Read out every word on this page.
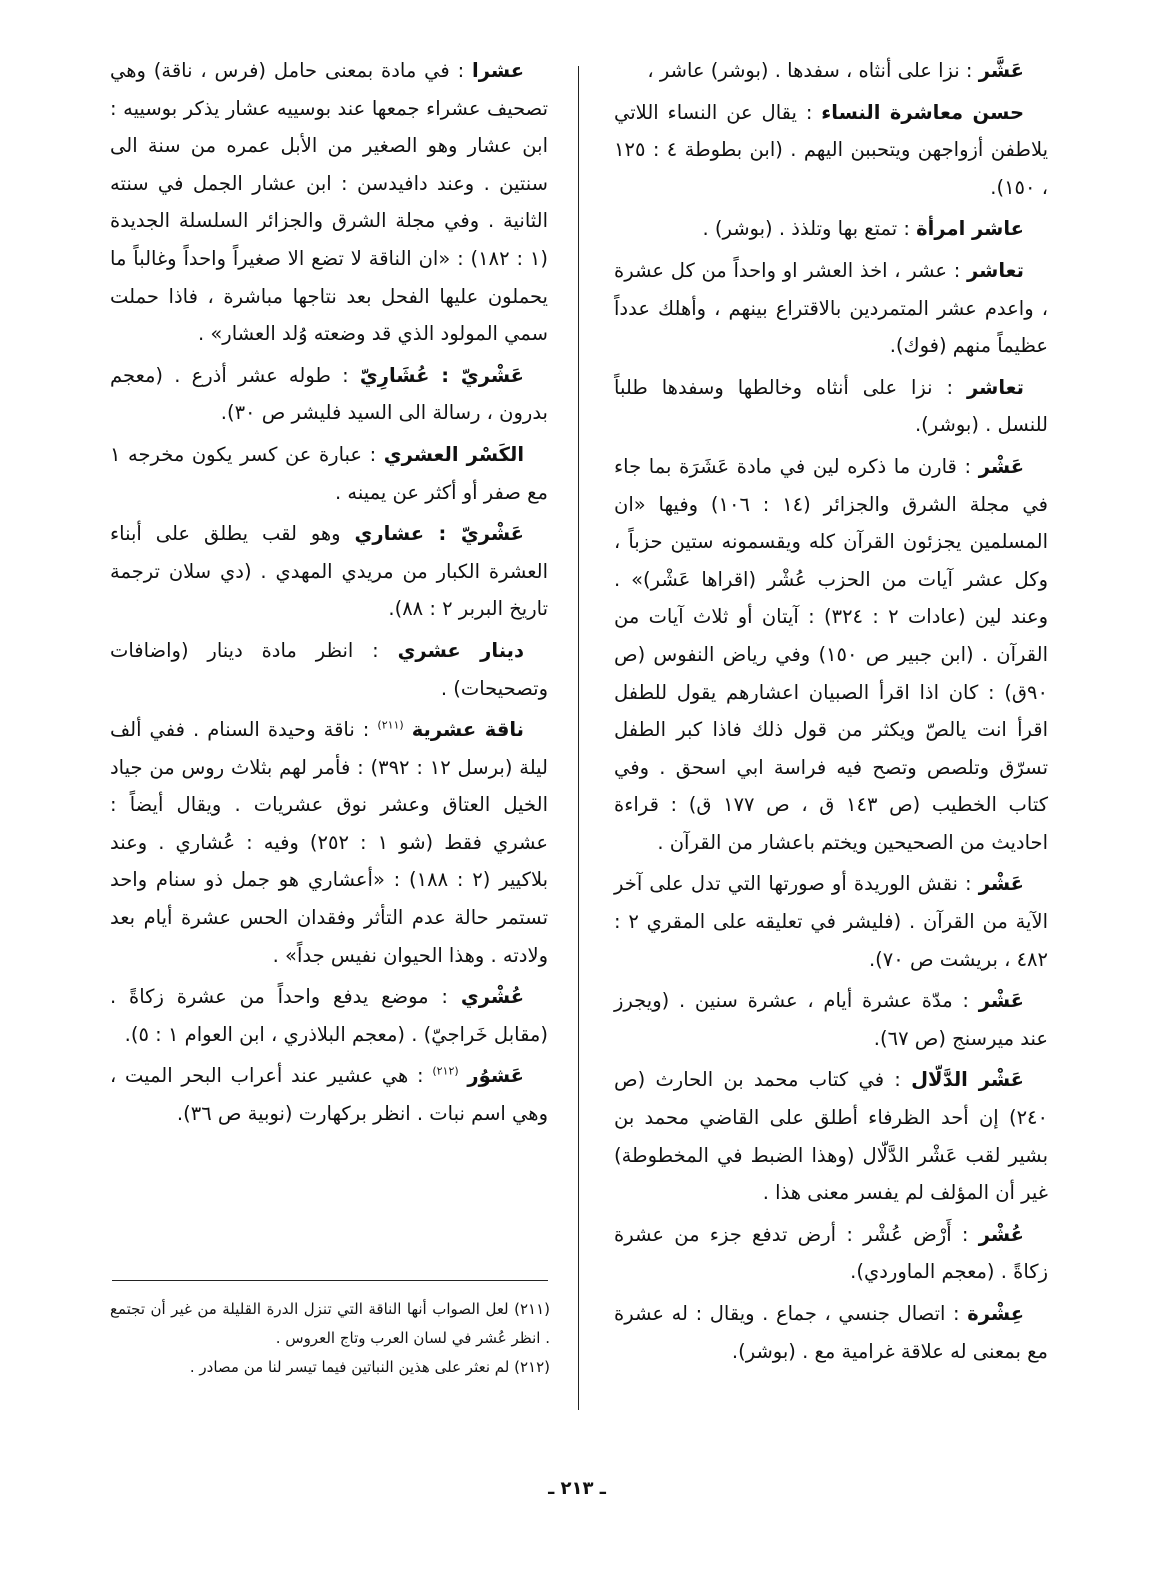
عَشَّر : نزا على أنثاه ، سفدها . (بوشر) عاشر ،

حسن معاشرة النساء : يقال عن النساء اللاتي يلاطفن أزواجهن ويتحببن اليهم . (ابن بطوطة ٤ : ١٢٥ ، ١٥٠).

عاشر امرأة : تمتع بها وتلذذ . (بوشر) .

تعاشر : عشر ، اخذ العشر او واحداً من كل عشرة ، واعدم عشر المتمردين بالاقتراع بينهم ، وأهلك عدداً عظيماً منهم (فوك).

تعاشر : نزا على أنثاه وخالطها وسفدها طلباً للنسل . (بوشر).

عَشْر : قارن ما ذكره لين في مادة عَشَرَة بما جاء في مجلة الشرق والجزائر (١٤ : ١٠٦) وفيها «ان المسلمين يجزئون القرآن كله ويقسمونه ستين حزباً ، وكل عشر آيات من الحزب عُشْر (اقراها عَشْر)» . وعند لين (عادات ٢ : ٣٢٤) : آيتان أو ثلاث آيات من القرآن . (ابن جبير ص ١٥٠) وفي رياض النفوس (ص ٩٠ق) : كان اذا اقرأ الصبيان اعشارهم يقول للطفل اقرأ انت يالصّ ويكثر من قول ذلك فاذا كبر الطفل تسرّق وتلصص وتصح فيه فراسة ابي اسحق . وفي كتاب الخطيب (ص ١٤٣ ق ، ص ١٧٧ ق) : قراءة احاديث من الصحيحين ويختم باعشار من القرآن .

عَشْر : نقش الوريدة أو صورتها التي تدل على آخر الآية من القرآن . (فليشر في تعليقه على المقري ٢ : ٤٨٢ ، بريشت ص ٧٠).

عَشْر : مدّة عشرة أيام ، عشرة سنين . (ويجرز عند ميرسنج (ص ٦٧).

عَشْر الدَّلّال : في كتاب محمد بن الحارث (ص ٢٤٠) إن أحد الظرفاء أطلق على القاضي محمد بن بشير لقب عَشْر الدَّلّال (وهذا الضبط في المخطوطة) غير أن المؤلف لم يفسر معنى هذا .

عُشْر : أَرْض عُشْر : أرض تدفع جزء من عشرة زكاةً . (معجم الماوردي).

عِشْرة : اتصال جنسي ، جماع . ويقال : له عشرة مع بمعنى له علاقة غرامية مع . (بوشر).

عشرا : في مادة بمعنى حامل (فرس ، ناقة) وهي تصحيف عشراء جمعها عند بوسييه عشار يذكر بوسييه : ابن عشار وهو الصغير من الأبل عمره من سنة الى سنتين . وعند دافيدسن : ابن عشار الجمل في سنته الثانية . وفي مجلة الشرق والجزائر السلسلة الجديدة (١ : ١٨٢) : «ان الناقة لا تضع الا صغيراً واحداً وغالباً ما يحملون عليها الفحل بعد نتاجها مباشرة ، فاذا حملت سمي المولود الذي قد وضعته وُلد العشار» .

عَشْريّ : عُشَارِيّ : طوله عشر أذرع . (معجم بدرون ، رسالة الى السيد فليشر ص ٣٠).

الكَسْر العشري : عبارة عن كسر يكون مخرجه ١ مع صفر أو أكثر عن يمينه .

عَشْريّ : عشاري وهو لقب يطلق على أبناء العشرة الكبار من مريدي المهدي . (دي سلان ترجمة تاريخ البربر ٢ : ٨٨).

دينار عشري : انظر مادة دينار (واضافات وتصحيحات) .

ناقة عشرية $^{(٢١١)}$ : ناقة وحيدة السنام . ففي ألف ليلة (برسل ١٢ : ٣٩٢) : فأمر لهم بثلاث روس من جياد الخيل العتاق وعشر نوق عشريات . ويقال أيضاً : عشري فقط (شو ١ : ٢٥٢) وفيه : عُشاري . وعند بلاكيير (٢ : ١٨٨) : «أعشاري هو جمل ذو سنام واحد تستمر حالة عدم التأثر وفقدان الحس عشرة أيام بعد ولادته . وهذا الحيوان نفيس جداً» .

عُشْري : موضع يدفع واحداً من عشرة زكاةً . (مقابل خَراجيّ) . (معجم البلاذري ، ابن العوام ١ : ٥).

عَشوُر $^{(٢١٢)}$ : هي عشير عند أعراب البحر الميت ، وهي اسم نبات . انظر بركهارت (نوبية ص ٣٦).

(٢١١) لعل الصواب أنها الناقة التي تنزل الدرة القليلة من غير أن تجتمع . انظر عُشر في لسان العرب وتاج العروس .

(٢١٢) لم نعثر على هذين النباتين فيما تيسر لنا من مصادر .

ـ ٢١٣ ـ
